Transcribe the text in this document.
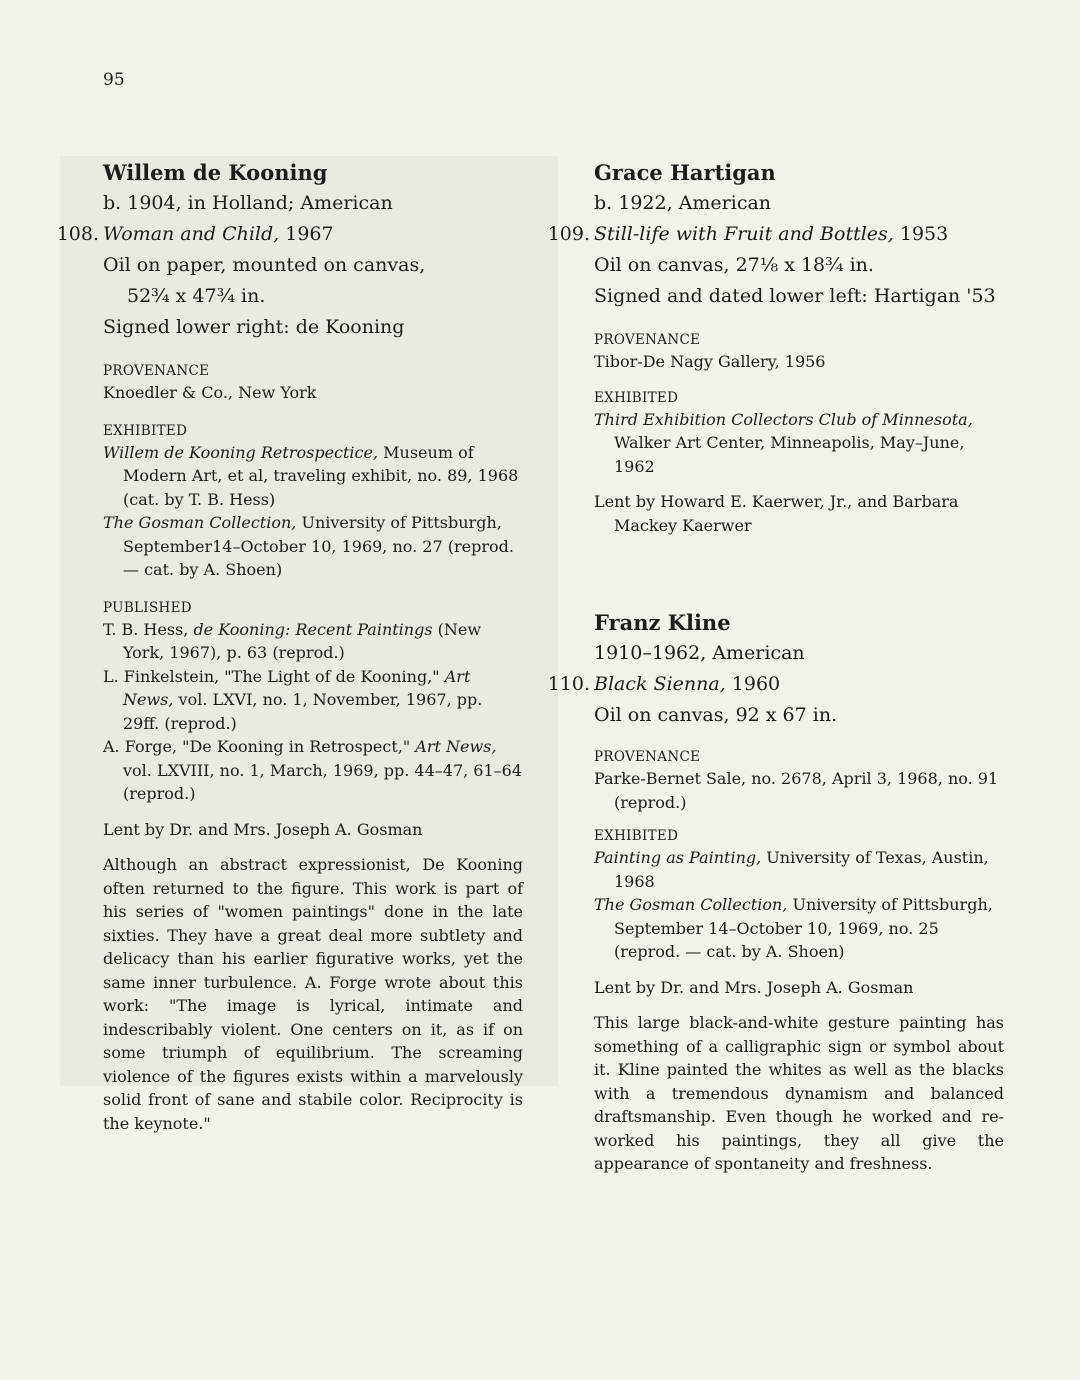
95

Willem de Kooning

b. 1904, in Holland; American

108. Woman and Child, 1967

Oil on paper, mounted on canvas,

52¾ x 47¾ in.

Signed lower right: de Kooning

PROVENANCE

Knoedler & Co., New York

EXHIBITED

Willem de Kooning Retrospectice, Museum of Modern Art, et al, traveling exhibit, no. 89, 1968 (cat. by T. B. Hess)

The Gosman Collection, University of Pittsburgh, September14–October 10, 1969, no. 27 (reprod. — cat. by A. Shoen)

PUBLISHED

T. B. Hess, de Kooning: Recent Paintings (New York, 1967), p. 63 (reprod.)

L. Finkelstein, "The Light of de Kooning," Art News, vol. LXVI, no. 1, November, 1967, pp. 29ff. (reprod.)

A. Forge, "De Kooning in Retrospect," Art News, vol. LXVIII, no. 1, March, 1969, pp. 44–47, 61–64 (reprod.)

Lent by Dr. and Mrs. Joseph A. Gosman

Although an abstract expressionist, De Kooning often returned to the figure. This work is part of his series of "women paintings" done in the late sixties. They have a great deal more subtlety and delicacy than his earlier figurative works, yet the same inner turbulence. A. Forge wrote about this work: "The image is lyrical, intimate and indescribably violent. One centers on it, as if on some triumph of equilibrium. The screaming violence of the figures exists within a marvelously solid front of sane and stabile color. Reciprocity is the keynote."

Grace Hartigan

b. 1922, American

109. Still-life with Fruit and Bottles, 1953

Oil on canvas, 27⅛ x 18¾ in.

Signed and dated lower left: Hartigan '53

PROVENANCE

Tibor-De Nagy Gallery, 1956

EXHIBITED

Third Exhibition Collectors Club of Minnesota, Walker Art Center, Minneapolis, May–June, 1962

Lent by Howard E. Kaerwer, Jr., and Barbara Mackey Kaerwer

Franz Kline

1910–1962, American

110. Black Sienna, 1960

Oil on canvas, 92 x 67 in.

PROVENANCE

Parke-Bernet Sale, no. 2678, April 3, 1968, no. 91 (reprod.)

EXHIBITED

Painting as Painting, University of Texas, Austin, 1968

The Gosman Collection, University of Pittsburgh, September 14–October 10, 1969, no. 25 (reprod. — cat. by A. Shoen)

Lent by Dr. and Mrs. Joseph A. Gosman

This large black-and-white gesture painting has something of a calligraphic sign or symbol about it. Kline painted the whites as well as the blacks with a tremendous dynamism and balanced draftsmanship. Even though he worked and re-worked his paintings, they all give the appearance of spontaneity and freshness.
